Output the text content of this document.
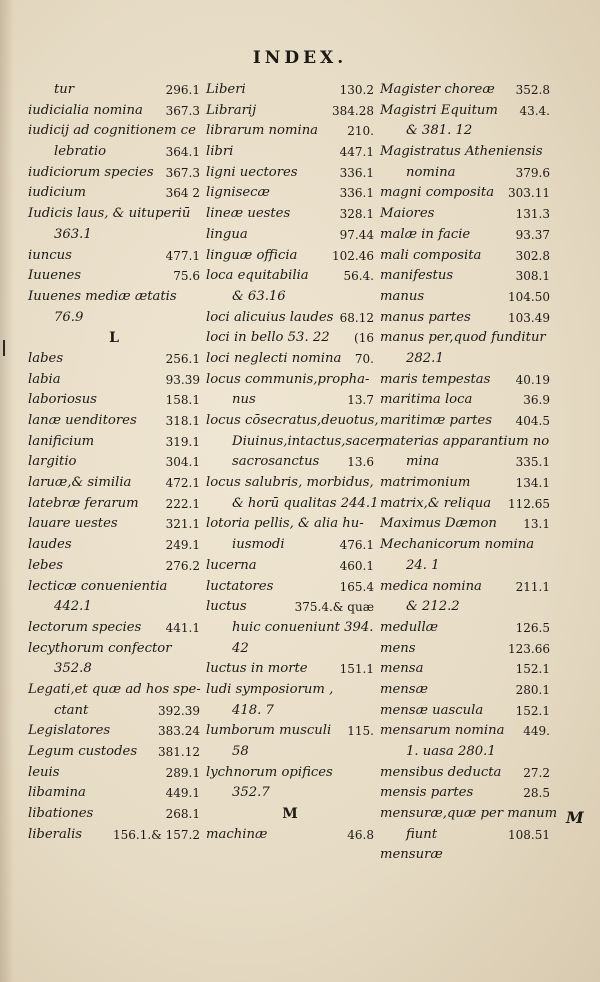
INDEX.
tur	296.1
iudicialia nomina 367.3
iudicij ad cognitionem ce
lebratio	364.1
iudiciorum species 367.3
iudicium	364 2
Iudicis laus, & uituperiū
363.1
iuncus	477.1
Iuuenes	75.6
Iuuenes mediæ ætatis
76.9
L
labes	256.1
labia	93.39
laboriosus	158.1
lanæ uenditores 318.1
lanificium	319.1
largitio	304.1
laruæ,& similia	472.1
latebræ ferarum 222.1
lauare uestes	321.1
laudes	249.1
lebes	276.2
lecticæ conuenientia
442.1
lectorum species 441.1
lecythorum confector
352.8
Legati,et quæ ad hos spe-
ctant	392.39
Legislatores	383.24
Legum custodes 381.12
leuis	289.1
libamina	449.1
libationes	268.1
liberalis	156.1.& 157.2
Liberi	130.2
Librarij	384.28
librarum nomina 210.
libri	447.1
ligni uectores	336.1
lignisecæ	336.1
lineæ uestes	328.1
lingua	97.44
linguæ officia	102.46
loca equitabilia	56.4.
& 63.16
loci alicuius laudes 68.12
loci in bello 53. 22 (16
loci neglecti nomina 70.
locus communis,propha-
nus	13.7
locus cōsecratus,deuotus,
Diuinus,intactus,sacer,
sacrosanctus 13.6
locus salubris, morbidus,
& horū qualitas 244.1
lotoria pellis, & alia hu-
iusmodi	476.1
lucerna	460.1
luctatores	165.4
luctus	375.4.& quæ
huic conueniunt 394.
42
luctus in morte	151.1
ludi symposiorum ,
418. 7
lumborum musculi 115.
58
lychnorum opifices
352.7
M
machinæ	46.8
Magister choreæ 352.8
Magistri Equitum 43.4.
& 381. 12
Magistratus Atheniensis
nomina	379.6
magni composita 303.11
Maiores	131.3
malæ in facie	93.37
mali composita	302.8
manifestus	308.1
manus	104.50
manus partes	103.49
manus per,quod funditur
282.1
maris tempestas 40.19
maritima loca	36.9
maritimæ partes 404.5
materias apparantium no
mina	335.1
matrimonium	134.1
matrix,& reliqua 112.65
Maximus Dæmon 13.1
Mechanicorum nomina
24. 1
medica nomina	211.1
& 212.2
medullæ	126.5
mens	123.66
mensa	152.1
mensæ	280.1
mensæ uascula	152.1
mensarum nomina 449.
1. uasa 280.1
mensibus deducta 27.2
mensis partes	28.5
mensuræ,quæ per manum
fiunt	108.51
mensuræ
M
